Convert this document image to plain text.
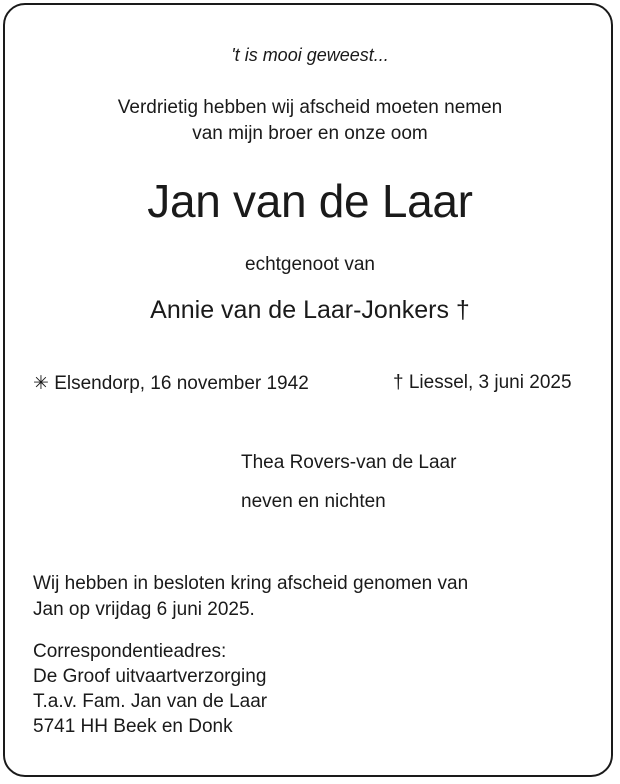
't is mooi geweest...
Verdrietig hebben wij afscheid moeten nemen
van mijn broer en onze oom
Jan van de Laar
echtgenoot van
Annie van de Laar-Jonkers †
✳ Elsendorp, 16 november 1942	† Liessel, 3 juni 2025
Thea Rovers-van de Laar
neven en nichten
Wij hebben in besloten kring afscheid genomen van
Jan op vrijdag 6 juni 2025.
Correspondentieadres:
De Groof uitvaartverzorging
T.a.v. Fam. Jan van de Laar
5741 HH Beek en Donk
